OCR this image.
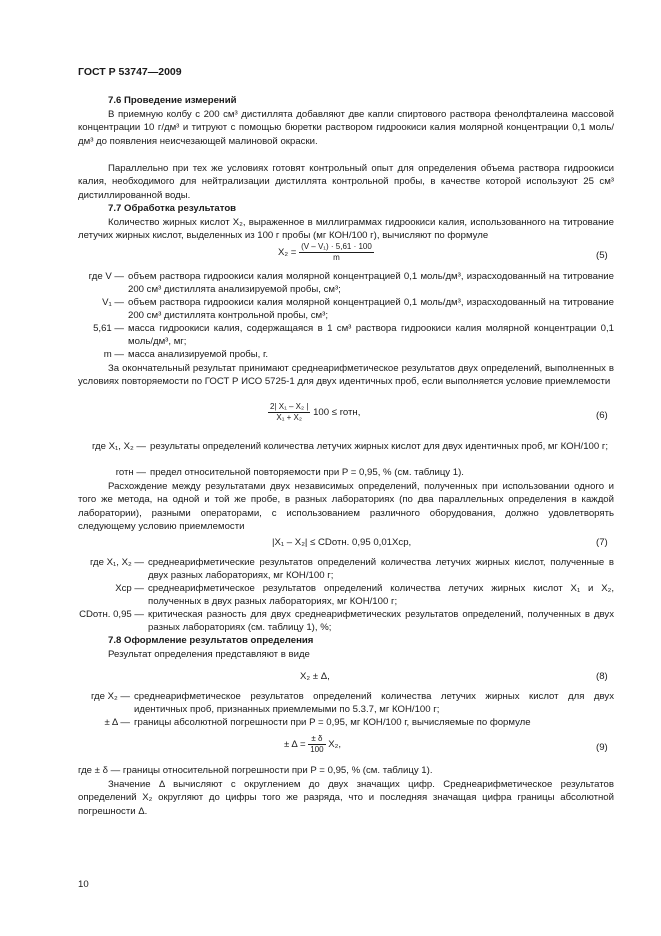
ГОСТ Р 53747—2009
7.6 Проведение измерений
В приемную колбу с 200 см³ дистиллята добавляют две капли спиртового раствора фенолфталеина массовой концентрации 10 г/дм³ и титруют с помощью бюретки раствором гидроокиси калия молярной концентрации 0,1 моль/дм³ до появления неисчезающей малиновой окраски.
Параллельно при тех же условиях готовят контрольный опыт для определения объема раствора гидроокиси калия, необходимого для нейтрализации дистиллята контрольной пробы, в качестве которой используют 25 см³ дистиллированной воды.
7.7 Обработка результатов
Количество жирных кислот X₂, выраженное в миллиграммах гидроокиси калия, использованного на титрование летучих жирных кислот, выделенных из 100 г пробы (мг КОН/100 г), вычисляют по формуле
$X_2 = \frac{\text{(V – V₁) · 5,61 · 100}}{m}$	(5)
где V — объем раствора гидроокиси калия молярной концентрацией 0,1 моль/дм³, израсходованный на титрование 200 см³ дистиллята анализируемой пробы, см³;
V₁ — объем раствора гидроокиси калия молярной концентрацией 0,1 моль/дм³, израсходованный на титрование 200 см³ дистиллята контрольной пробы, см³;
5,61 — масса гидроокиси калия, содержащаяся в 1 см³ раствора гидроокиси калия молярной концентрации 0,1 моль/дм³, мг;
m — масса анализируемой пробы, г.
За окончательный результат принимают среднеарифметическое результатов двух определений, выполненных в условиях повторяемости по ГОСТ Р ИСО 5725-1 для двух идентичных проб, если выполняется условие приемлемости
$\frac{\text{2| X₁ – X₂ |}}{\text{X₁ + X₂}} 100$ ≤ rотн,	(6)
где X₁, X₂ — результаты определений количества летучих жирных кислот для двух идентичных проб, мг КОН/100 г;
rотн — предел относительной повторяемости при P = 0,95, % (см. таблицу 1).
Расхождение между результатами двух независимых определений, полученных при использовании одного и того же метода, на одной и той же пробе, в разных лабораториях (по два параллельных определения в каждой лаборатории), разными операторами, с использованием различного оборудования, должно удовлетворять следующему условию приемлемости
|X₁ – X₂| ≤ CDотн. 0,95 0,01Xср,	(7)
где X₁, X₂ — среднеарифметические результатов определений количества летучих жирных кислот, полученные в двух разных лабораториях, мг КОН/100 г;
Xср — среднеарифметическое результатов определений количества летучих жирных кислот X₁ и X₂, полученных в двух разных лабораториях, мг КОН/100 г;
CDотн. 0,95 — критическая разность для двух среднеарифметических результатов определений, полученных в двух разных лабораториях (см. таблицу 1), %;
7.8 Оформление результатов определения
Результат определения представляют в виде
X₂ ± Δ,	(8)
где X₂ — среднеарифметическое результатов определений количества летучих жирных кислот для двух идентичных проб, признанных приемлемыми по 5.3.7, мг КОН/100 г;
± Δ — границы абсолютной погрешности при P = 0,95, мг КОН/100 г, вычисляемые по формуле
± $\Delta = \frac{\pm \delta}{100} X_2$,	(9)
где ± δ — границы относительной погрешности при P = 0,95, % (см. таблицу 1).
Значение Δ вычисляют с округлением до двух значащих цифр. Среднеарифметическое результатов определений X₂ округляют до цифры того же разряда, что и последняя значащая цифра границы абсолютной погрешности Δ.
10
